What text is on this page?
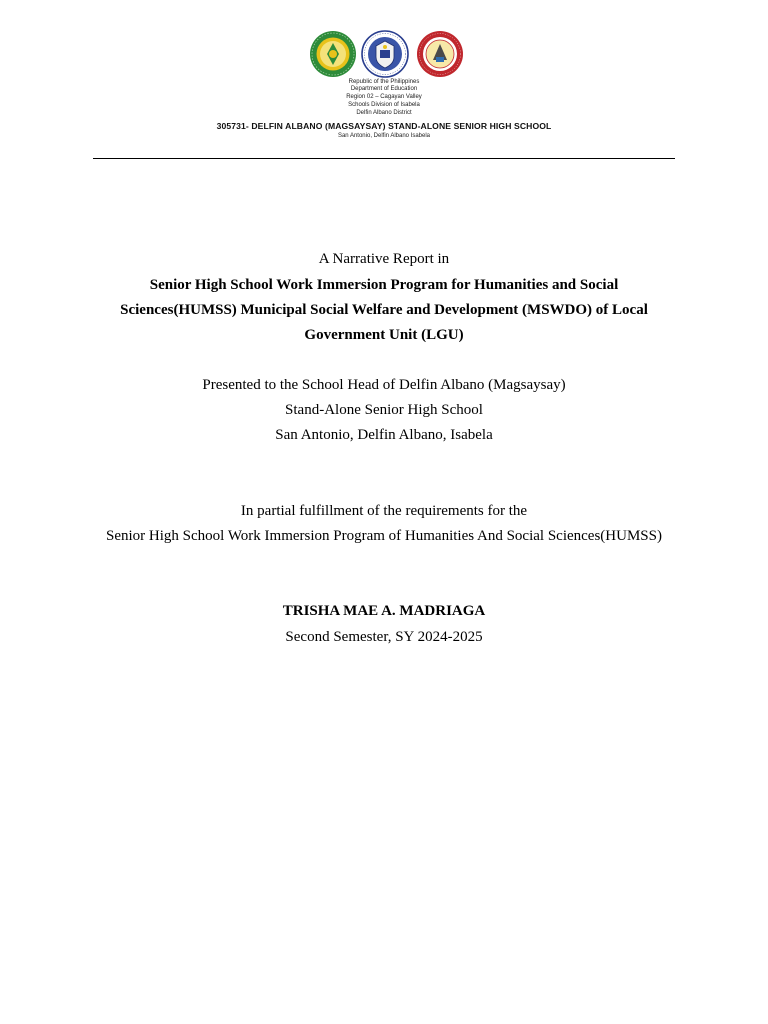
Republic of the Philippines
Department of Education
Region 02 – Cagayan Valley
Schools Division of Isabela
Delfin Albano District
305731- DELFIN ALBANO (MAGSAYSAY) STAND-ALONE SENIOR HIGH SCHOOL
San Antonio, Delfin Albano Isabela
A Narrative Report in
Senior High School Work Immersion Program for Humanities and Social
Sciences(HUMSS) Municipal Social Welfare and Development (MSWDO) of Local
Government Unit (LGU)
Presented to the School Head of Delfin Albano (Magsaysay)
Stand-Alone Senior High School
San Antonio, Delfin Albano, Isabela
In partial fulfillment of the requirements for the
Senior High School Work Immersion Program of Humanities And Social Sciences(HUMSS)
TRISHA MAE A. MADRIAGA
Second Semester, SY 2024-2025
